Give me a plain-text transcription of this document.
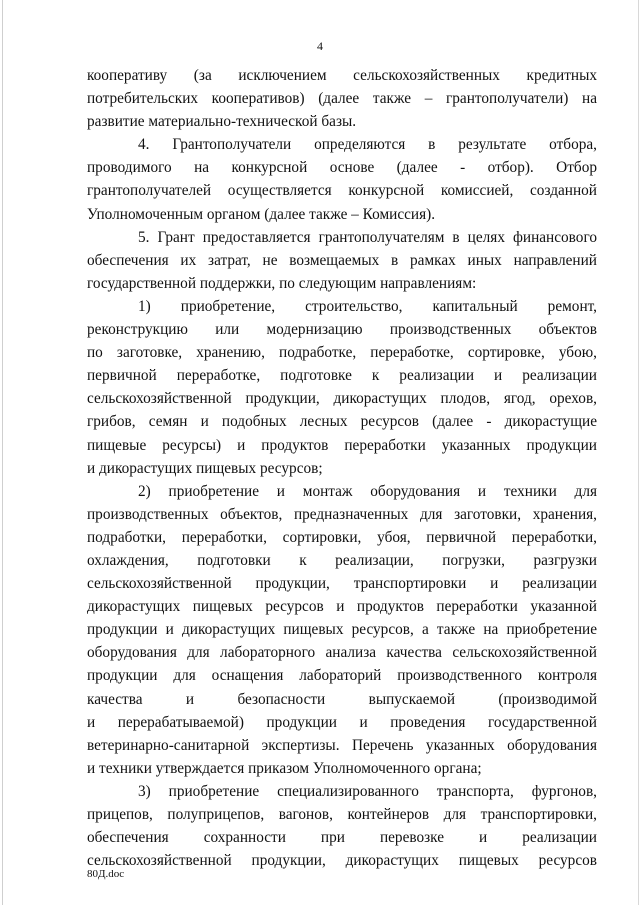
4
кооперативу (за исключением сельскохозяйственных кредитных
потребительских кооперативов) (далее также – грантополучатели) на
развитие материально-технической базы.
4. Грантополучатели определяются в результате отбора,
проводимого на конкурсной основе (далее - отбор). Отбор
грантополучателей осуществляется конкурсной комиссией, созданной
Уполномоченным органом (далее также – Комиссия).
5. Грант предоставляется грантополучателям в целях финансового
обеспечения их затрат, не возмещаемых в рамках иных направлений
государственной поддержки, по следующим направлениям:
1) приобретение, строительство, капитальный ремонт,
реконструкцию или модернизацию производственных объектов
по заготовке, хранению, подработке, переработке, сортировке, убою,
первичной переработке, подготовке к реализации и реализации
сельскохозяйственной продукции, дикорастущих плодов, ягод, орехов,
грибов, семян и подобных лесных ресурсов (далее - дикорастущие
пищевые ресурсы) и продуктов переработки указанных продукции
и дикорастущих пищевых ресурсов;
2) приобретение и монтаж оборудования и техники для
производственных объектов, предназначенных для заготовки, хранения,
подработки, переработки, сортировки, убоя, первичной переработки,
охлаждения, подготовки к реализации, погрузки, разгрузки
сельскохозяйственной продукции, транспортировки и реализации
дикорастущих пищевых ресурсов и продуктов переработки указанной
продукции и дикорастущих пищевых ресурсов, а также на приобретение
оборудования для лабораторного анализа качества сельскохозяйственной
продукции для оснащения лабораторий производственного контроля
качества и безопасности выпускаемой (производимой
и перерабатываемой) продукции и проведения государственной
ветеринарно-санитарной экспертизы. Перечень указанных оборудования
и техники утверждается приказом Уполномоченного органа;
3) приобретение специализированного транспорта, фургонов,
прицепов, полуприцепов, вагонов, контейнеров для транспортировки,
обеспечения сохранности при перевозке и реализации
сельскохозяйственной продукции, дикорастущих пищевых ресурсов
80Д.doc
